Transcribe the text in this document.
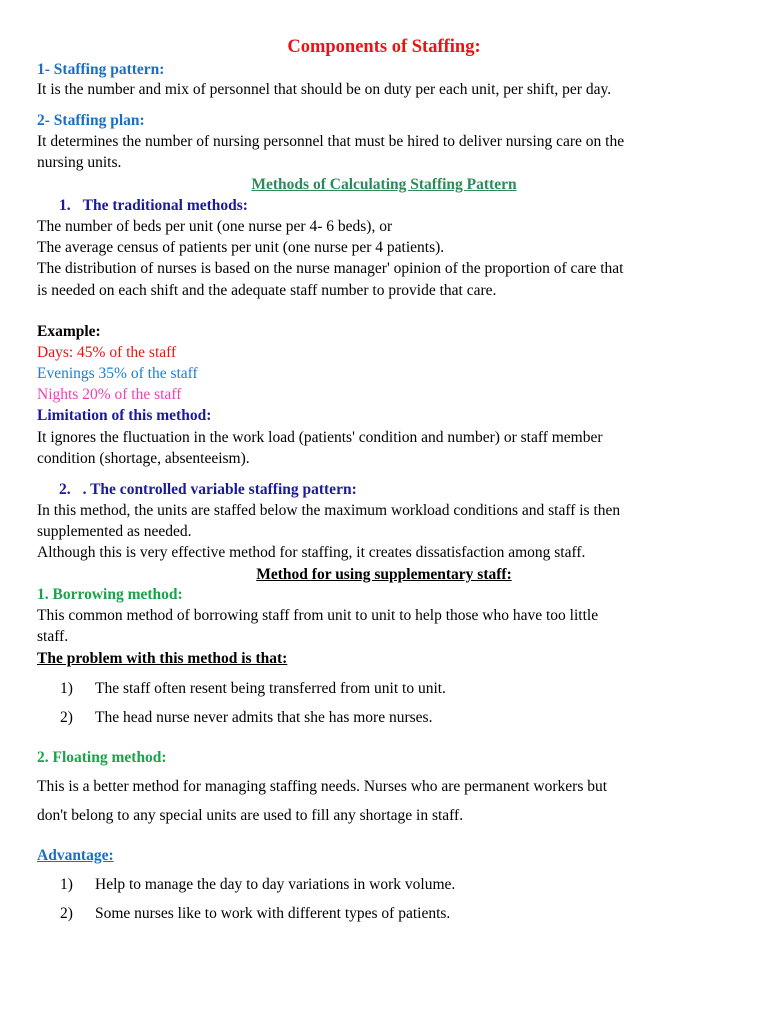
Components of Staffing:
1- Staffing pattern:
It is the number and mix of personnel that should be on duty per each unit, per shift, per day.
2- Staffing plan:
It determines the number of nursing personnel that must be hired to deliver nursing care on the
nursing units.
Methods of Calculating Staffing Pattern
1. The traditional methods:
The number of beds per unit (one nurse per 4- 6 beds), or
The average census of patients per unit (one nurse per 4 patients).
The distribution of nurses is based on the nurse manager' opinion of the proportion of care that
is needed on each shift and the adequate staff number to provide that care.
Example:
Days: 45% of the staff
Evenings 35% of the staff
Nights 20% of the staff
Limitation of this method:
It ignores the fluctuation in the work load (patients' condition and number) or staff member
condition (shortage, absenteeism).
2. . The controlled variable staffing pattern:
In this method, the units are staffed below the maximum workload conditions and staff is then
supplemented as needed.
Although this is very effective method for staffing, it creates dissatisfaction among staff.
Method for using supplementary staff:
1. Borrowing method:
This common method of borrowing staff from unit to unit to help those who have too little
staff.
The problem with this method is that:
1) The staff often resent being transferred from unit to unit.
2) The head nurse never admits that she has more nurses.
2. Floating method:
This is a better method for managing staffing needs. Nurses who are permanent workers but
don't belong to any special units are used to fill any shortage in staff.
Advantage:
1) Help to manage the day to day variations in work volume.
2) Some nurses like to work with different types of patients.
